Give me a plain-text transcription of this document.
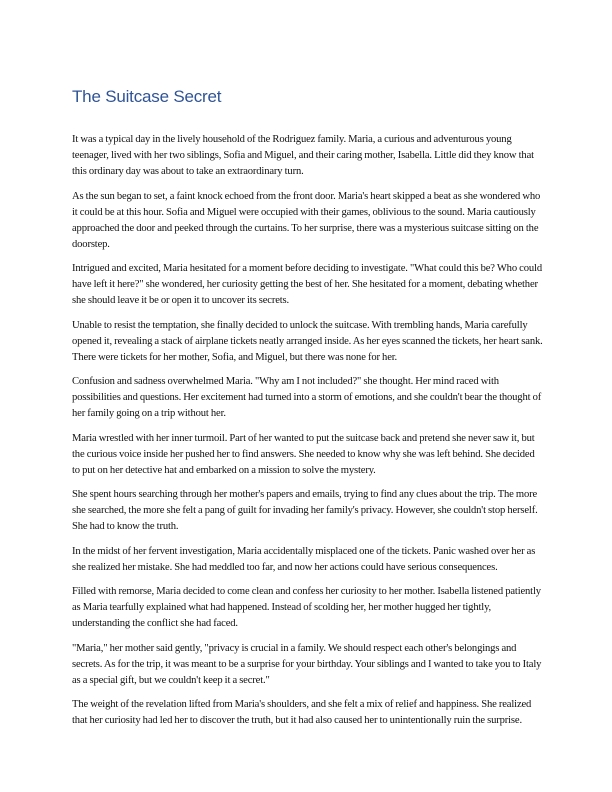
The Suitcase Secret

It was a typical day in the lively household of the Rodriguez family. Maria, a curious and adventurous young teenager, lived with her two siblings, Sofia and Miguel, and their caring mother, Isabella. Little did they know that this ordinary day was about to take an extraordinary turn.

As the sun began to set, a faint knock echoed from the front door. Maria's heart skipped a beat as she wondered who it could be at this hour. Sofia and Miguel were occupied with their games, oblivious to the sound. Maria cautiously approached the door and peeked through the curtains. To her surprise, there was a mysterious suitcase sitting on the doorstep.

Intrigued and excited, Maria hesitated for a moment before deciding to investigate. "What could this be? Who could have left it here?" she wondered, her curiosity getting the best of her. She hesitated for a moment, debating whether she should leave it be or open it to uncover its secrets.

Unable to resist the temptation, she finally decided to unlock the suitcase. With trembling hands, Maria carefully opened it, revealing a stack of airplane tickets neatly arranged inside. As her eyes scanned the tickets, her heart sank. There were tickets for her mother, Sofia, and Miguel, but there was none for her.

Confusion and sadness overwhelmed Maria. "Why am I not included?" she thought. Her mind raced with possibilities and questions. Her excitement had turned into a storm of emotions, and she couldn't bear the thought of her family going on a trip without her.

Maria wrestled with her inner turmoil. Part of her wanted to put the suitcase back and pretend she never saw it, but the curious voice inside her pushed her to find answers. She needed to know why she was left behind. She decided to put on her detective hat and embarked on a mission to solve the mystery.

She spent hours searching through her mother's papers and emails, trying to find any clues about the trip. The more she searched, the more she felt a pang of guilt for invading her family's privacy. However, she couldn't stop herself. She had to know the truth.

In the midst of her fervent investigation, Maria accidentally misplaced one of the tickets. Panic washed over her as she realized her mistake. She had meddled too far, and now her actions could have serious consequences.

Filled with remorse, Maria decided to come clean and confess her curiosity to her mother. Isabella listened patiently as Maria tearfully explained what had happened. Instead of scolding her, her mother hugged her tightly, understanding the conflict she had faced.

"Maria," her mother said gently, "privacy is crucial in a family. We should respect each other's belongings and secrets. As for the trip, it was meant to be a surprise for your birthday. Your siblings and I wanted to take you to Italy as a special gift, but we couldn't keep it a secret."

The weight of the revelation lifted from Maria's shoulders, and she felt a mix of relief and happiness. She realized that her curiosity had led her to discover the truth, but it had also caused her to unintentionally ruin the surprise.
